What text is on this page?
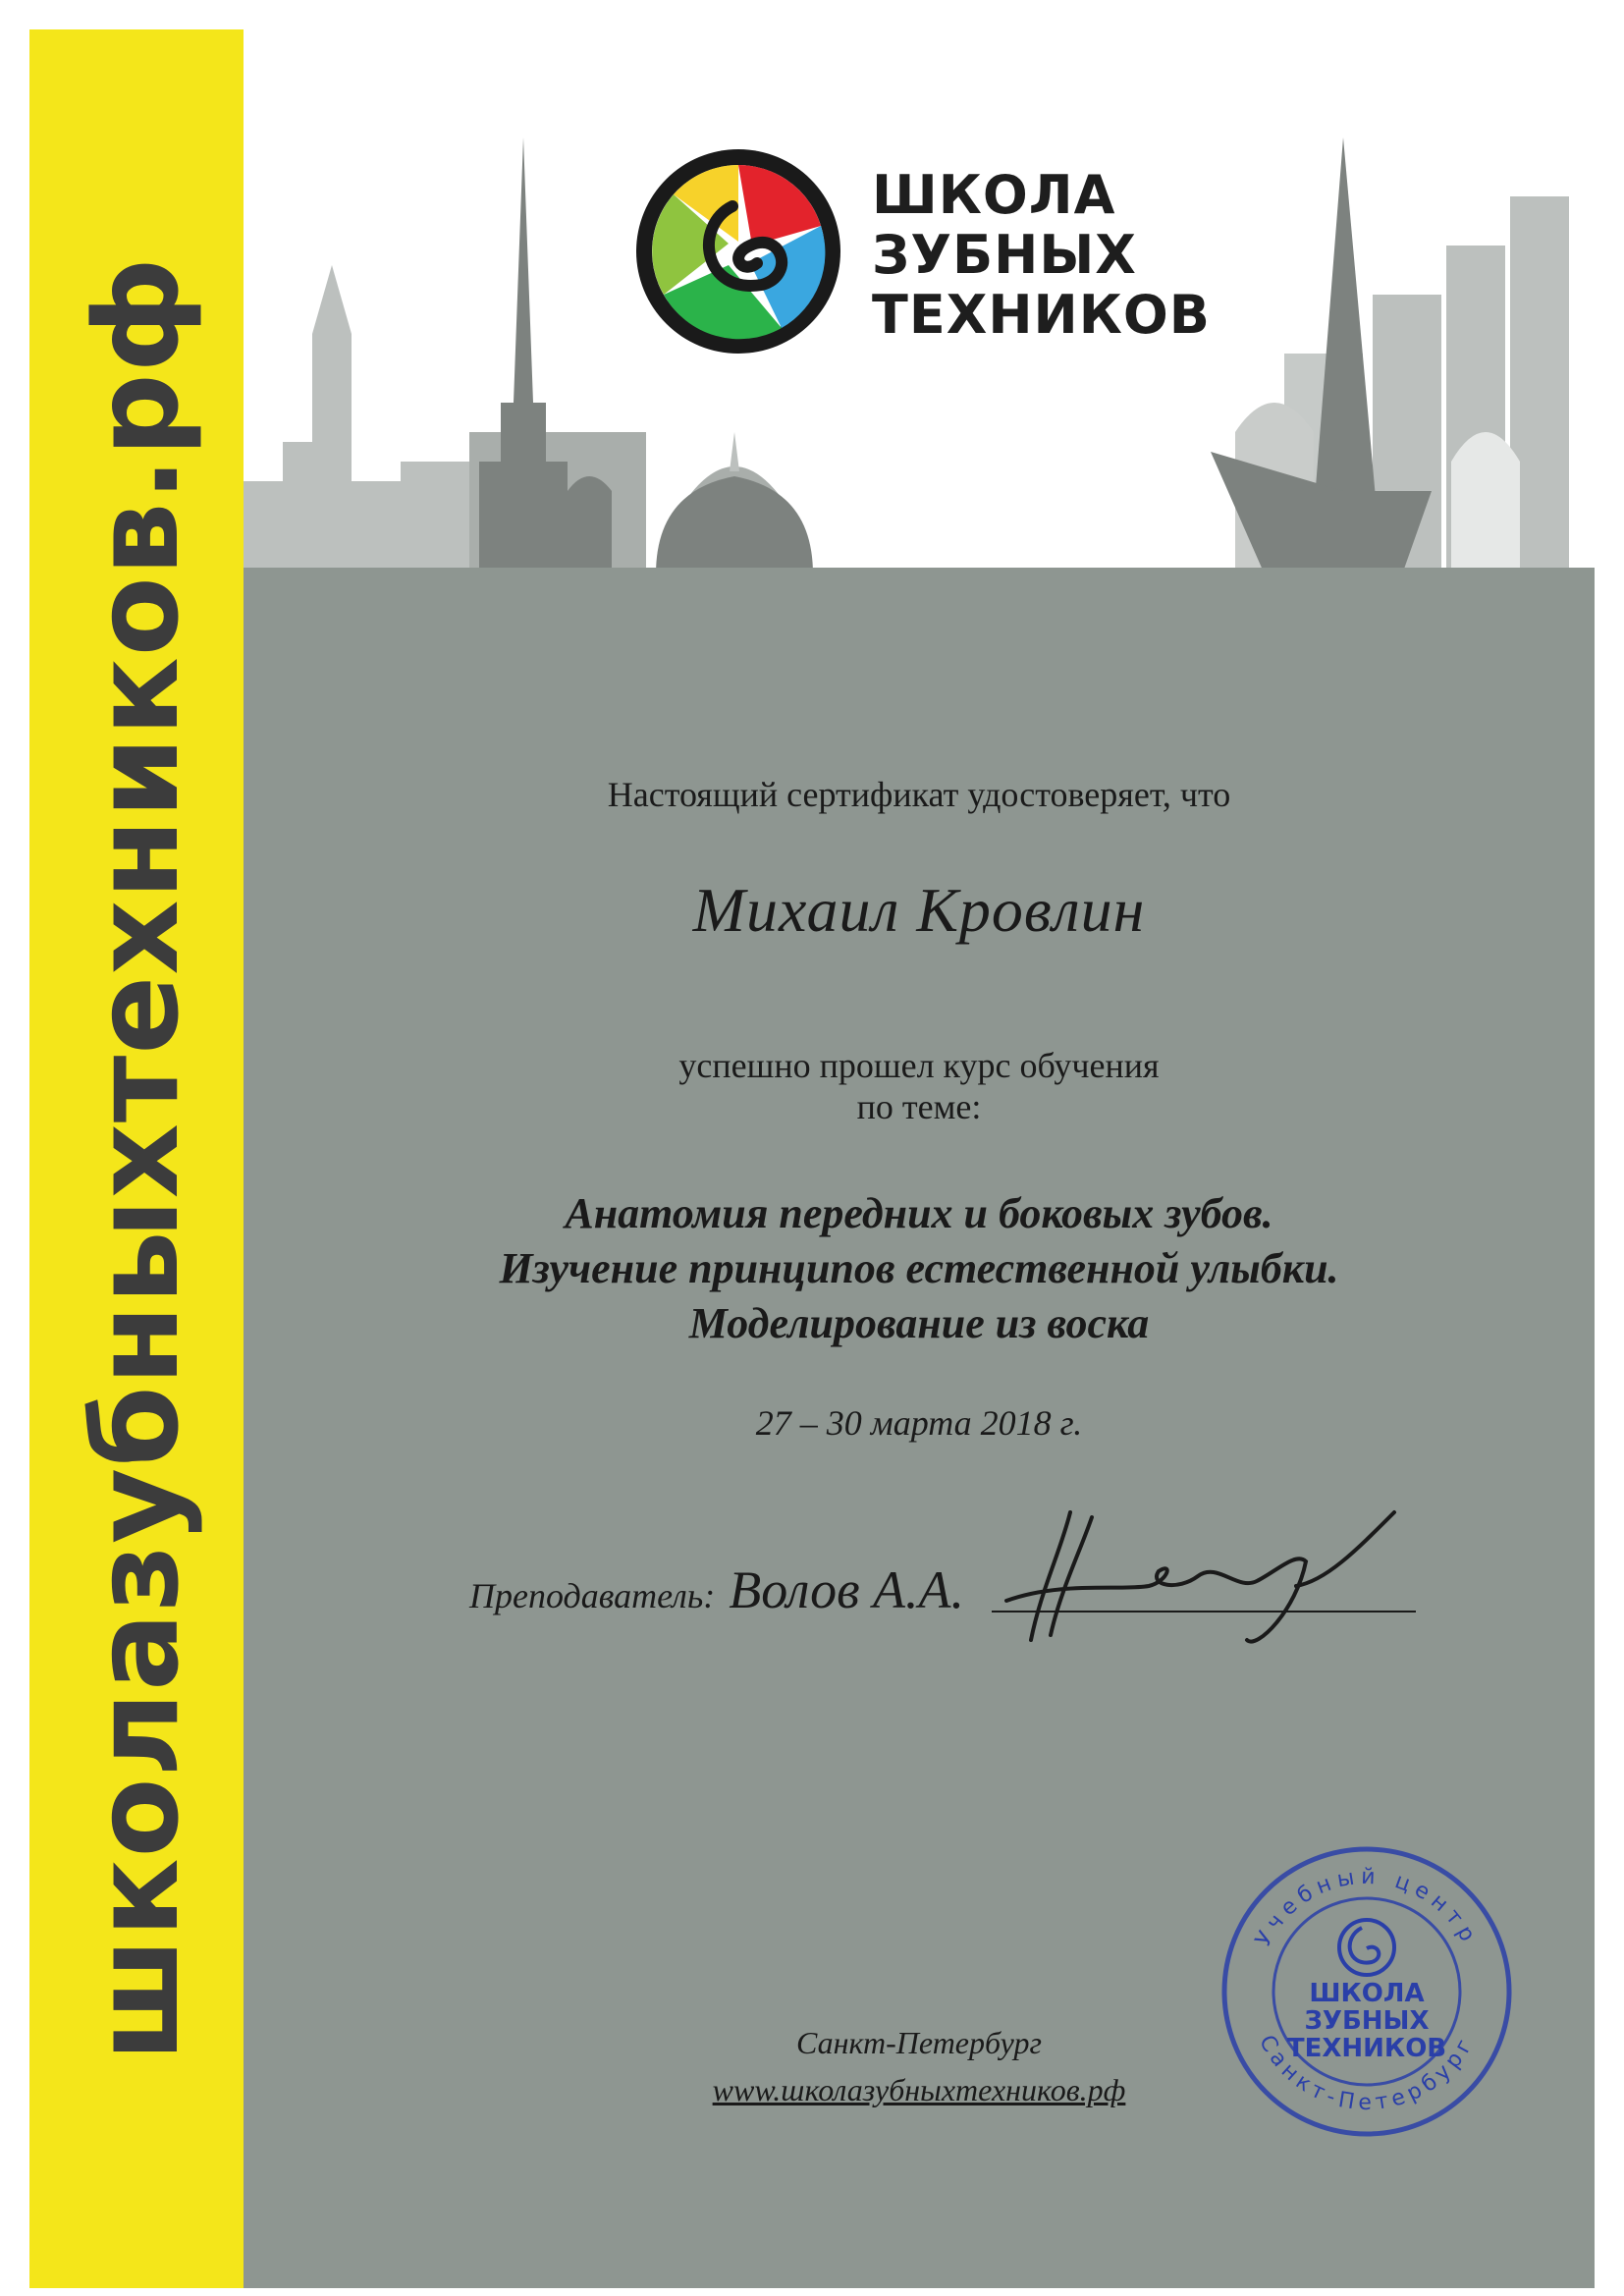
школазубныхтехников.рф
ШКОЛА
ЗУБНЫХ
ТЕХНИКОВ
Настоящий сертификат удостоверяет, что
Михаил Кровлин
успешно прошел курс обучения
по теме:
Анатомия передних и боковых зубов.
Изучение принципов естественной улыбки.
Моделирование из воска
27 – 30 марта 2018 г.
Преподаватель: Волов А.А.
Учебный центр
Санкт-Петербург
ШКОЛА
ЗУБНЫХ
ТЕХНИКОВ
Санкт-Петербург
www.школазубныхтехников.рф
